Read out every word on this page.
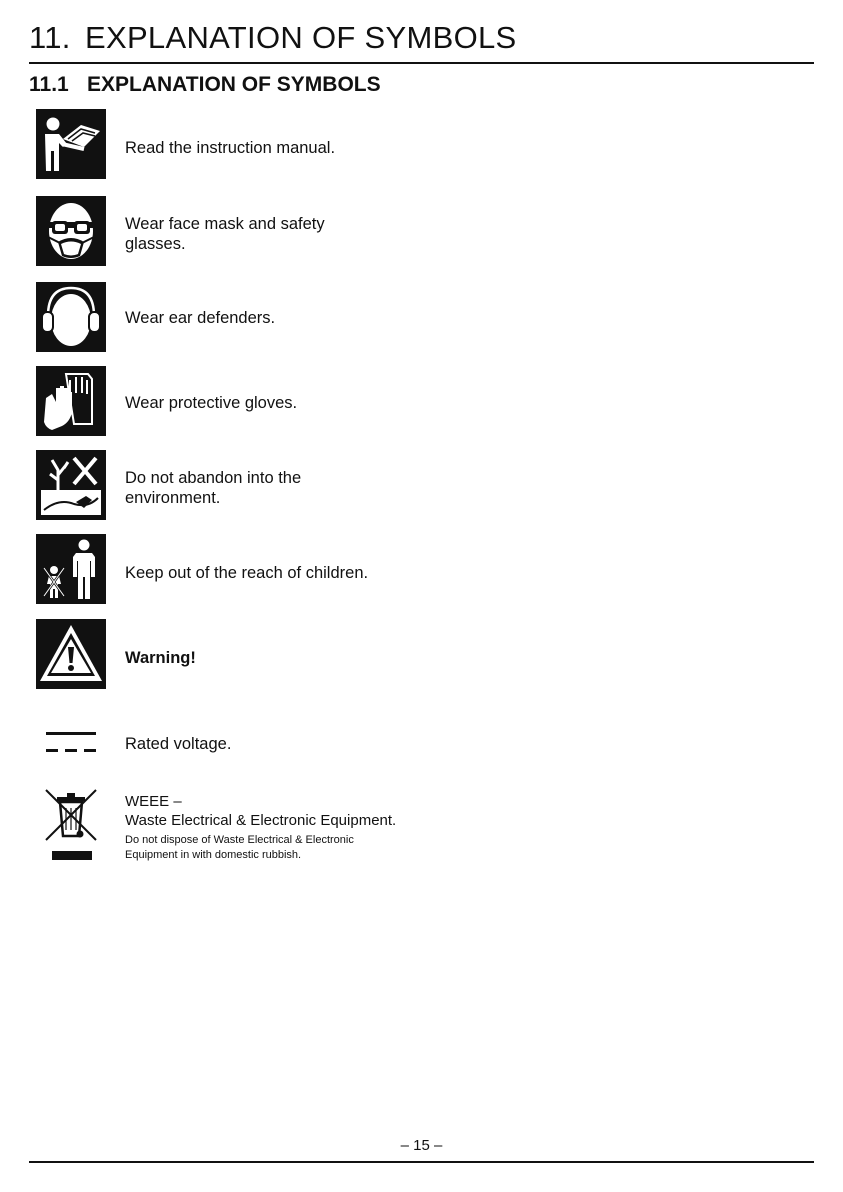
11. EXPLANATION OF SYMBOLS
11.1 EXPLANATION OF SYMBOLS
Read the instruction manual.
Wear face mask and safety
glasses.
Wear ear defenders.
Wear protective gloves.
Do not abandon into the
environment.
Keep out of the reach of children.
Warning!
Rated voltage.
WEEE –
Waste Electrical & Electronic Equipment.
Do not dispose of Waste Electrical & Electronic
Equipment in with domestic rubbish.
– 15 –
